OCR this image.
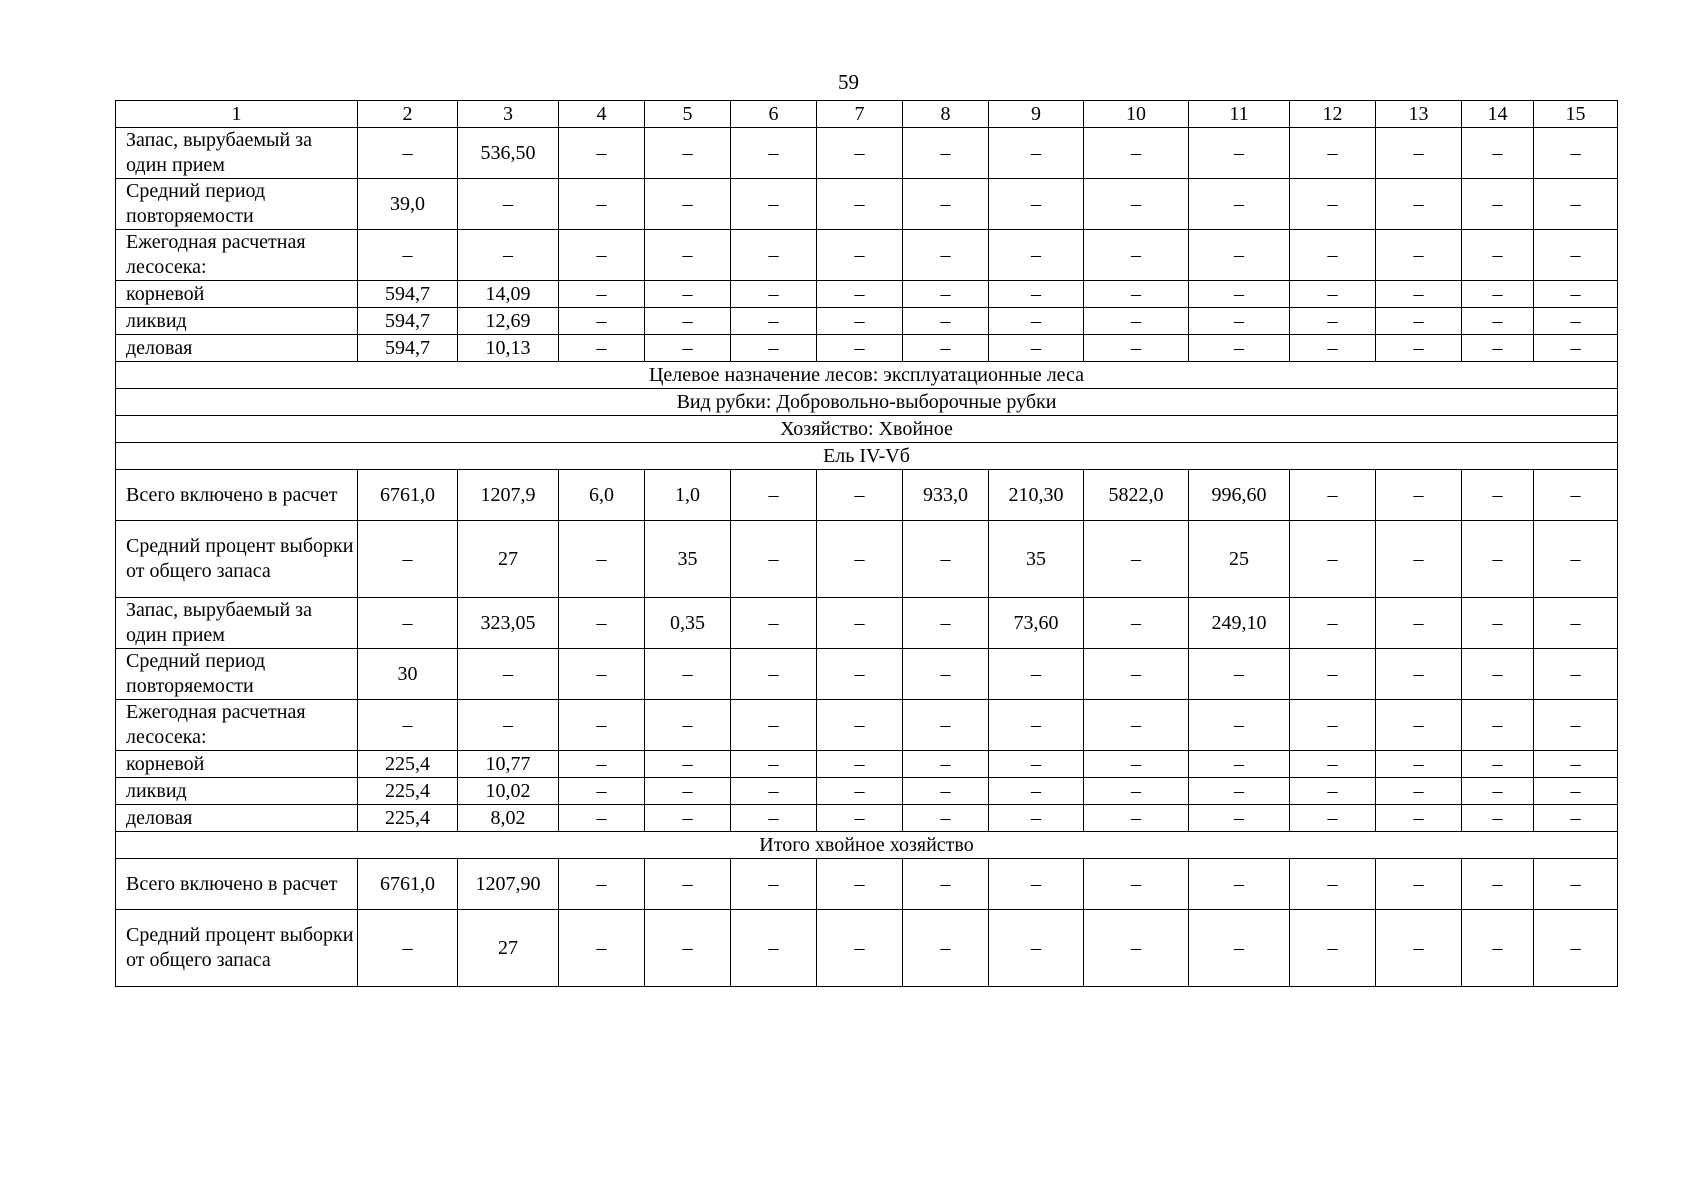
59
1	2	3	4	5	6	7	8	9	10	11	12	13	14	15
Запас, вырубаемый за один прием	–	536,50	–	–	–	–	–	–	–	–	–	–	–	–
Средний период повторяемости	39,0	–	–	–	–	–	–	–	–	–	–	–	–	–
Ежегодная расчетная лесосека:	–	–	–	–	–	–	–	–	–	–	–	–	–	–
корневой	594,7	14,09	–	–	–	–	–	–	–	–	–	–	–	–
ликвид	594,7	12,69	–	–	–	–	–	–	–	–	–	–	–	–
деловая	594,7	10,13	–	–	–	–	–	–	–	–	–	–	–	–
Целевое назначение лесов: эксплуатационные леса														
Вид рубки: Добровольно-выборочные рубки														
Хозяйство: Хвойное														
Ель IV-Vб														
Всего включено в расчет	6761,0	1207,9	6,0	1,0	–	–	933,0	210,30	5822,0	996,60	–	–	–	–
Средний процент выборки от общего запаса	–	27	–	35	–	–	–	35	–	25	–	–	–	–
Запас, вырубаемый за один прием	–	323,05	–	0,35	–	–	–	73,60	–	249,10	–	–	–	–
Средний период повторяемости	30	–	–	–	–	–	–	–	–	–	–	–	–	–
Ежегодная расчетная лесосека:	–	–	–	–	–	–	–	–	–	–	–	–	–	–
корневой	225,4	10,77	–	–	–	–	–	–	–	–	–	–	–	–
ликвид	225,4	10,02	–	–	–	–	–	–	–	–	–	–	–	–
деловая	225,4	8,02	–	–	–	–	–	–	–	–	–	–	–	–
Итого хвойное хозяйство														
Всего включено в расчет	6761,0	1207,90	–	–	–	–	–	–	–	–	–	–	–	–
Средний процент выборки от общего запаса	–	27	–	–	–	–	–	–	–	–	–	–	–	–
